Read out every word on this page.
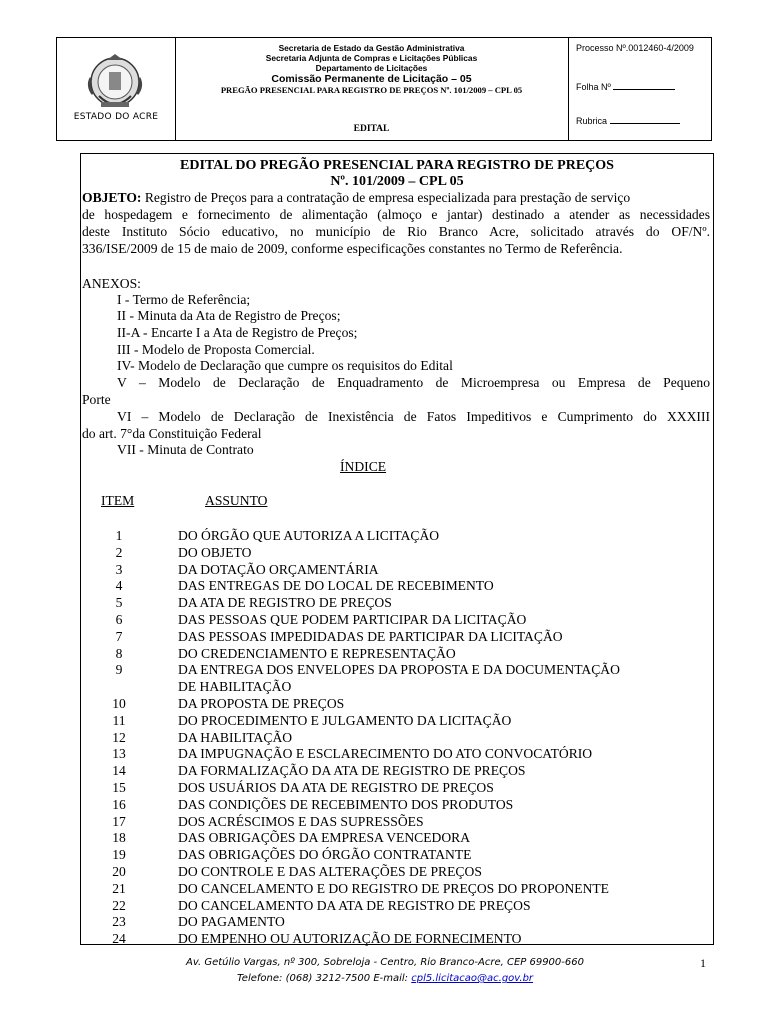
ESTADO DO ACRE
Secretaria de Estado da Gestão Administrativa
Secretaria Adjunta de Compras e Licitações Públicas
Departamento de Licitações
Comissão Permanente de Licitação – 05
PREGÃO PRESENCIAL PARA REGISTRO DE PREÇOS Nº. 101/2009 – CPL 05
EDITAL
Processo Nº.0012460-4/2009
Folha Nº
Rubrica
EDITAL DO PREGÃO PRESENCIAL PARA REGISTRO DE PREÇOS
Nº. 101/2009 – CPL 05
OBJETO: Registro de Preços para a contratação de empresa especializada para prestação de serviço
de hospedagem e fornecimento de alimentação (almoço e jantar) destinado a atender as necessidades
deste Instituto Sócio educativo, no município de Rio Branco Acre, solicitado através do OF/Nº.
336/ISE/2009 de 15 de maio de 2009, conforme especificações constantes no Termo de Referência.
ANEXOS:
I - Termo de Referência;
II - Minuta da Ata de Registro de Preços;
II-A - Encarte I a Ata de Registro de Preços;
III - Modelo de Proposta Comercial.
IV- Modelo de Declaração que cumpre os requisitos do Edital
V – Modelo de Declaração de Enquadramento de Microempresa ou Empresa de Pequeno
Porte
VI – Modelo de Declaração de Inexistência de Fatos Impeditivos e Cumprimento do XXXIII
do art. 7°da Constituição Federal
VII - Minuta de Contrato
ÍNDICE
ITEM	ASSUNTO
1	DO ÓRGÃO QUE AUTORIZA A LICITAÇÃO
2	DO OBJETO
3	DA DOTAÇÃO ORÇAMENTÁRIA
4	DAS ENTREGAS DE DO LOCAL DE RECEBIMENTO
5	DA ATA DE REGISTRO DE PREÇOS
6	DAS PESSOAS QUE PODEM PARTICIPAR DA LICITAÇÃO
7	DAS PESSOAS IMPEDIDADAS DE PARTICIPAR DA LICITAÇÃO
8	DO CREDENCIAMENTO E REPRESENTAÇÃO
9	DA ENTREGA DOS ENVELOPES DA PROPOSTA E DA DOCUMENTAÇÃO
DE HABILITAÇÃO
10	DA PROPOSTA DE PREÇOS
11	DO PROCEDIMENTO E JULGAMENTO DA LICITAÇÃO
12	DA HABILITAÇÃO
13	DA IMPUGNAÇÃO E ESCLARECIMENTO DO ATO CONVOCATÓRIO
14	DA FORMALIZAÇÃO DA ATA DE REGISTRO DE PREÇOS
15	DOS USUÁRIOS DA ATA DE REGISTRO DE PREÇOS
16	DAS CONDIÇÕES DE RECEBIMENTO DOS PRODUTOS
17	DOS ACRÉSCIMOS E DAS SUPRESSÕES
18	DAS OBRIGAÇÕES DA EMPRESA VENCEDORA
19	DAS OBRIGAÇÕES DO ÓRGÃO CONTRATANTE
20	DO CONTROLE E DAS ALTERAÇÕES DE PREÇOS
21	DO CANCELAMENTO E DO REGISTRO DE PREÇOS DO PROPONENTE
22	DO CANCELAMENTO DA ATA DE REGISTRO DE PREÇOS
23	DO PAGAMENTO
24	DO EMPENHO OU AUTORIZAÇÃO DE FORNECIMENTO
Av. Getúlio Vargas, nº 300, Sobreloja - Centro, Rio Branco-Acre, CEP 69900-660
Telefone: (068) 3212-7500 E-mail: cpl5.licitacao@ac.gov.br
1
